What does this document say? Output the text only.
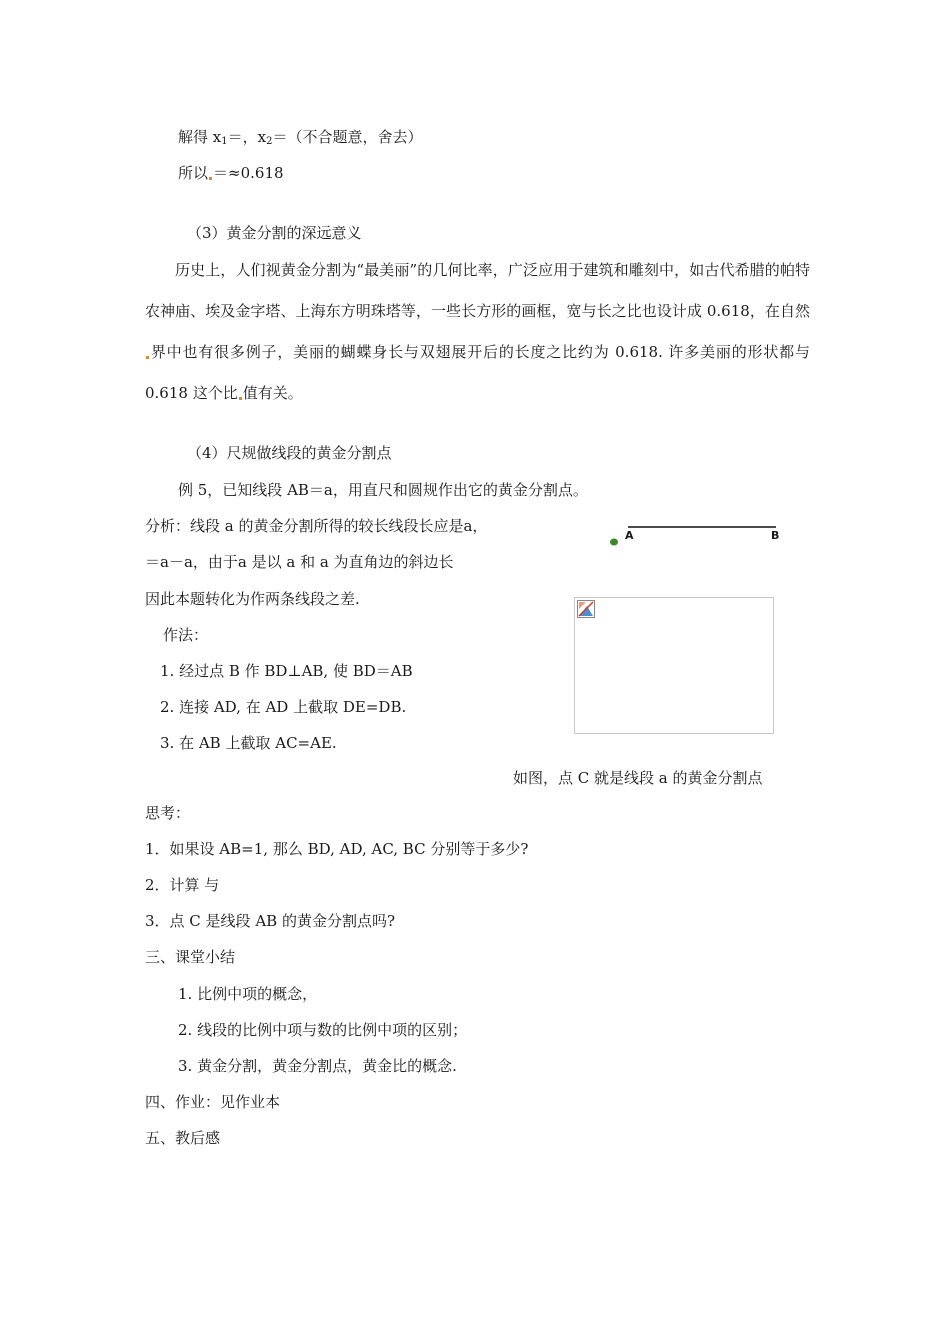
解得 $x_1=$，$x_2=$（不合题意，舍去）
所以 ＝≈0.618
（3）黄金分割的深远意义
历史上，人们视黄金分割为“最美丽”的几何比率，广泛应用于建筑和雕刻中，如古代希腊的帕特农神庙、埃及金字塔、上海东方明珠塔等，一些长方形的画框，宽与长之比也设计成 0.618，在自然界中也有很多例子，美丽的蝴蝶身长与双翅展开后的长度之比约为 0.618. 许多美丽的形状都与 0.618 这个比 值有关。
（4）尺规做线段的黄金分割点
例 5，已知线段 AB＝a，用直尺和圆规作出它的黄金分割点。
分析：线段 a 的黄金分割所得的较长线段长应是a，
＝a－a，由于a 是以 a 和 a 为直角边的斜边长
因此本题转化为作两条线段之差.
作法：
1. 经过点 B 作 BD⊥AB, 使 BD＝AB
2. 连接 AD, 在 AD 上截取 DE=DB.
3. 在 AB 上截取 AC=AE.
A	B
如图，点 C 就是线段 a 的黄金分割点
思考：
1．如果设 AB=1, 那么 BD, AD, AC, BC 分别等于多少?
2．计算 与
3．点 C 是线段 AB 的黄金分割点吗?
三、课堂小结
1. 比例中项的概念，
2. 线段的比例中项与数的比例中项的区别；
3. 黄金分割，黄金分割点，黄金比的概念.
四、作业：见作业本
五、教后感
